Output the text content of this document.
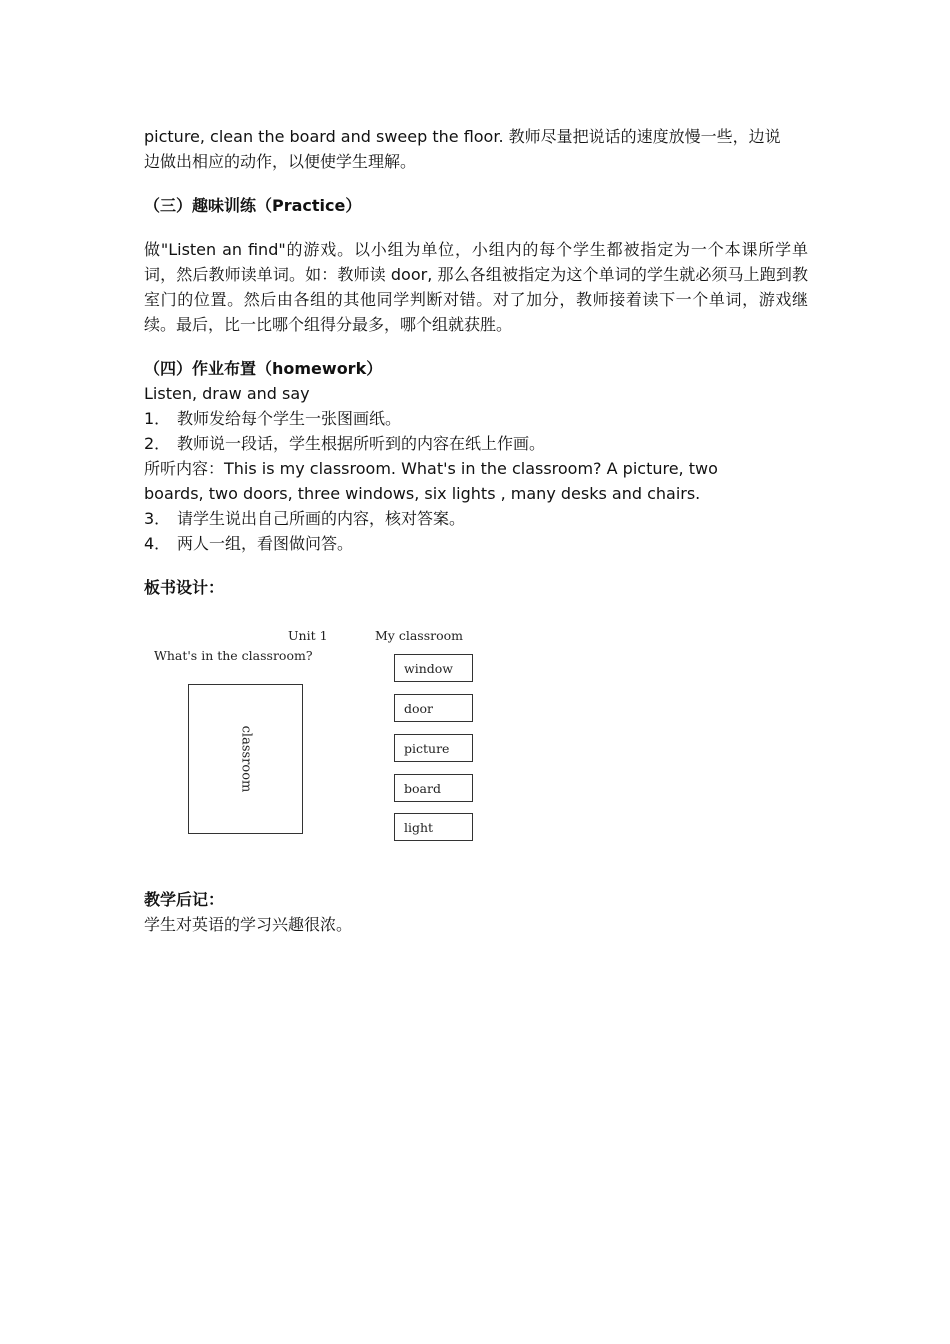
picture, clean the board and sweep the floor. 教师尽量把说话的速度放慢一些，边说
边做出相应的动作，以便使学生理解。
（三）趣味训练（Practice）
做"Listen an find"的游戏。以小组为单位，小组内的每个学生都被指定为一个本课所学单词，然后教师读单词。如：教师读 door, 那么各组被指定为这个单词的学生就必须马上跑到教室门的位置。然后由各组的其他同学判断对错。对了加分，教师接着读下一个单词，游戏继续。最后，比一比哪个组得分最多，哪个组就获胜。
（四）作业布置（homework）
Listen, draw and say
1． 教师发给每个学生一张图画纸。
2． 教师说一段话，学生根据所听到的内容在纸上作画。
所听内容：This is my classroom. What's in the classroom? A picture, two
boards, two doors, three windows, six lights , many desks and chairs.
3． 请学生说出自己所画的内容，核对答案。
4． 两人一组，看图做问答。
板书设计：
Unit 1	My classroom
What's in the classroom?
classroom
window
door
picture
board
light
教学后记：
学生对英语的学习兴趣很浓。
